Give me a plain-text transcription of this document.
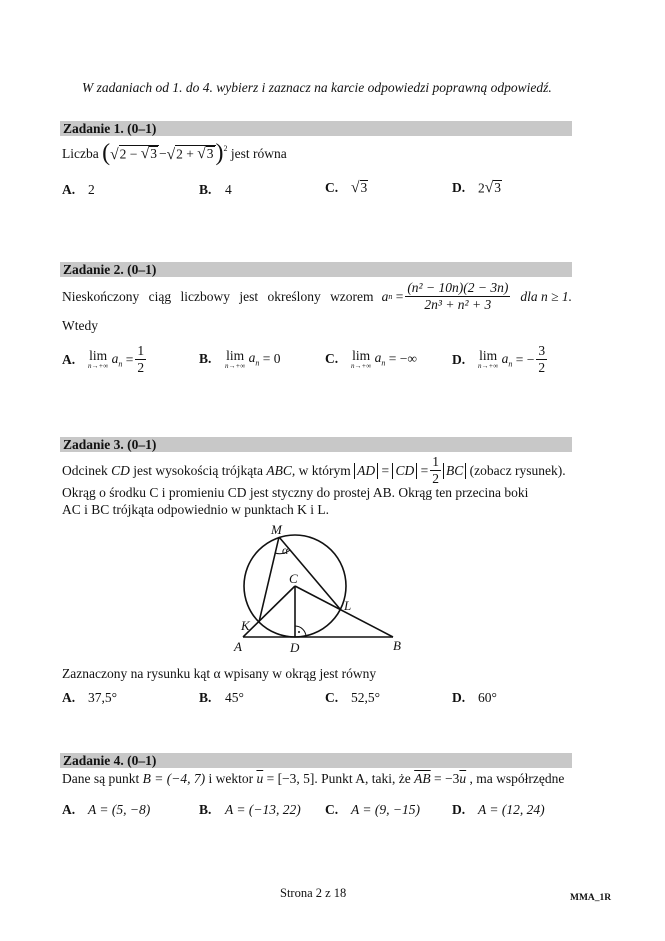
W zadaniach od 1. do 4. wybierz i zaznacz na karcie odpowiedzi poprawną odpowiedź.
Zadanie 1. (0–1)
Liczba
( √ 2 − √ 3 − √ 2 + √ 3 )$^2$
jest równa
A. 2	B. 4	C. √ 3	D. 2 √ 3
Zadanie 2. (0–1)
Nieskończony ciąg liczbowy jest określony wzorem a $n = \frac{\text{(n² − 10n)(2 − 3n)}}{\text{2n³ + n² + 3}}$ dla n ≥ 1.
Wtedy
A.	lim
n→+∞
$a_n = \frac{1}{2}$	B.	lim
n→+∞
$a_n = 0$	C.	lim
n→+∞
$a_n$ = −∞	D.	lim
n→+∞
$a_n$ = − $\frac{3}{2}$
Zadanie 3. (0–1)
Odcinek
CD
jest wysokością trójkąta
ABC,
w którym
AD = CD = $\frac{1}{2}$ BC
(zobacz rysunek).
Okrąg o środku C i promieniu CD jest styczny do prostej AB. Okrąg ten przecina boki
AC i BC trójkąta odpowiednio w punktach K i L.
M
α
C
K
L
A	D	B
Zaznaczony na rysunku kąt α wpisany w okrąg jest równy
A. 37,5°	B. 45°	C. 52,5°	D. 60°
Zadanie 4. (0–1)
Dane są punkt B = (−4, 7) i wektor $\overline{u} = [-3$, 5]. Punkt A, taki, że $\overline{AB} = -3\overline{u}$ , ma współrzędne
A. A = (5, −8)	B. A = (−13, 22) C. A = (9, −15) D. A = (12, 24)
Strona 2 z 18	MMA_1R
